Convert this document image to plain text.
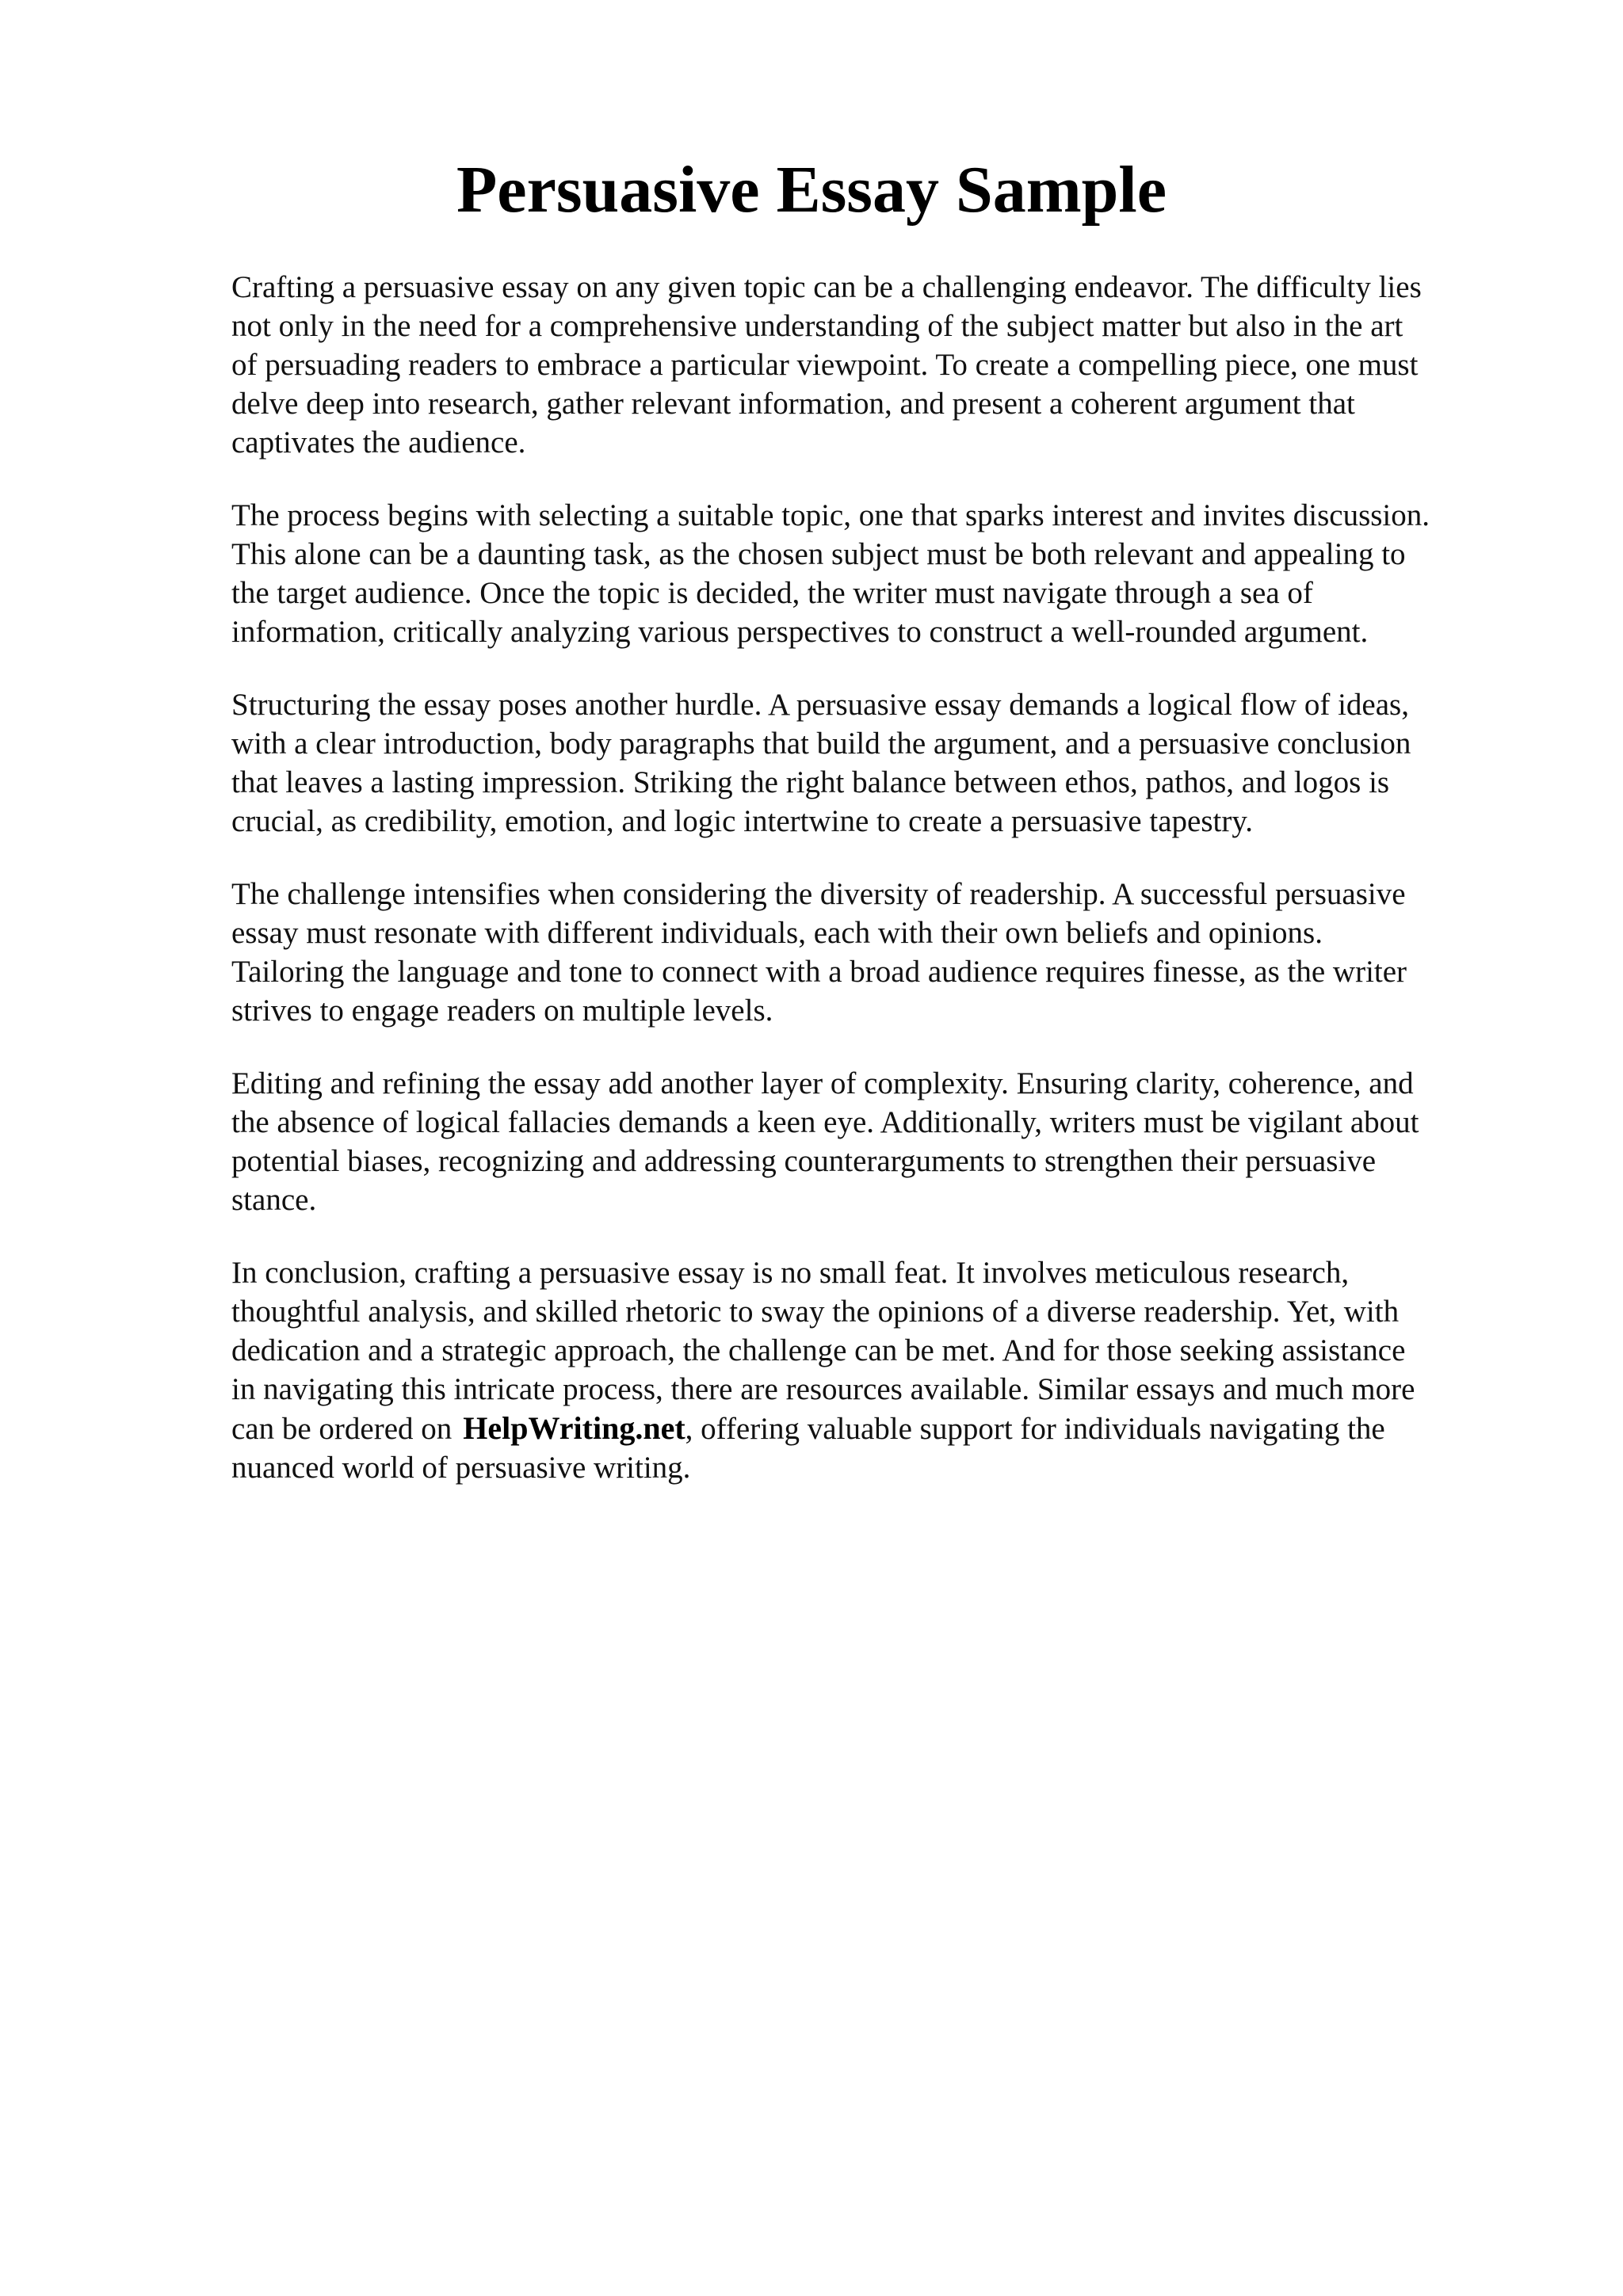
Persuasive Essay Sample

Crafting a persuasive essay on any given topic can be a challenging endeavor. The difficulty lies
not only in the need for a comprehensive understanding of the subject matter but also in the art
of persuading readers to embrace a particular viewpoint. To create a compelling piece, one must
delve deep into research, gather relevant information, and present a coherent argument that
captivates the audience.

The process begins with selecting a suitable topic, one that sparks interest and invites discussion.
This alone can be a daunting task, as the chosen subject must be both relevant and appealing to
the target audience. Once the topic is decided, the writer must navigate through a sea of
information, critically analyzing various perspectives to construct a well-rounded argument.

Structuring the essay poses another hurdle. A persuasive essay demands a logical flow of ideas,
with a clear introduction, body paragraphs that build the argument, and a persuasive conclusion
that leaves a lasting impression. Striking the right balance between ethos, pathos, and logos is
crucial, as credibility, emotion, and logic intertwine to create a persuasive tapestry.

The challenge intensifies when considering the diversity of readership. A successful persuasive
essay must resonate with different individuals, each with their own beliefs and opinions.
Tailoring the language and tone to connect with a broad audience requires finesse, as the writer
strives to engage readers on multiple levels.

Editing and refining the essay add another layer of complexity. Ensuring clarity, coherence, and
the absence of logical fallacies demands a keen eye. Additionally, writers must be vigilant about
potential biases, recognizing and addressing counterarguments to strengthen their persuasive
stance.

In conclusion, crafting a persuasive essay is no small feat. It involves meticulous research,
thoughtful analysis, and skilled rhetoric to sway the opinions of a diverse readership. Yet, with
dedication and a strategic approach, the challenge can be met. And for those seeking assistance
in navigating this intricate process, there are resources available. Similar essays and much more
can be ordered on HelpWriting.net, offering valuable support for individuals navigating the
nuanced world of persuasive writing.
